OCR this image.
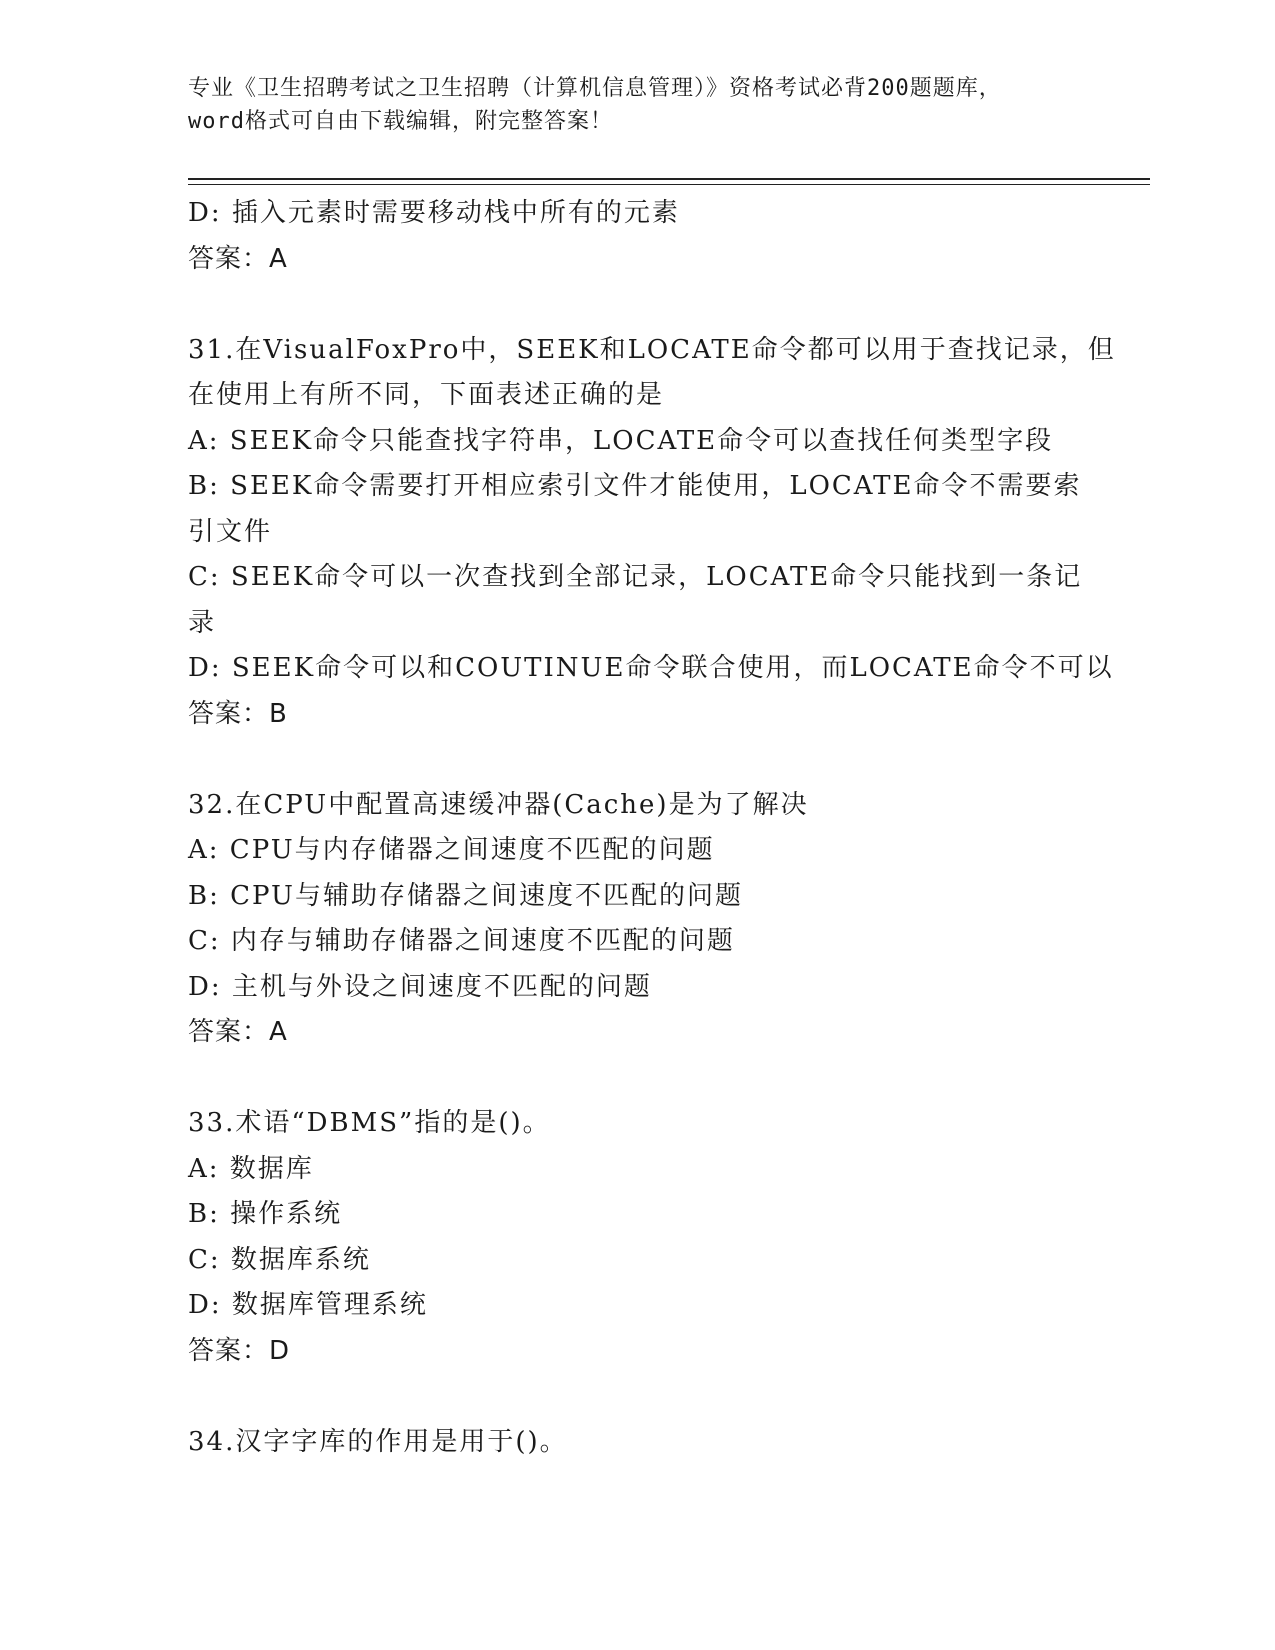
专业《卫生招聘考试之卫生招聘（计算机信息管理）》资格考试必背200题题库，
word格式可自由下载编辑，附完整答案！
D: 插入元素时需要移动栈中所有的元素
答案：A
31.在VisualFoxPro中，SEEK和LOCATE命令都可以用于查找记录，但
在使用上有所不同，下面表述正确的是
A: SEEK命令只能查找字符串，LOCATE命令可以查找任何类型字段
B: SEEK命令需要打开相应索引文件才能使用，LOCATE命令不需要索
引文件
C: SEEK命令可以一次查找到全部记录，LOCATE命令只能找到一条记
录
D: SEEK命令可以和COUTINUE命令联合使用，而LOCATE命令不可以
答案：B
32.在CPU中配置高速缓冲器(Cache)是为了解决
A: CPU与内存储器之间速度不匹配的问题
B: CPU与辅助存储器之间速度不匹配的问题
C: 内存与辅助存储器之间速度不匹配的问题
D: 主机与外设之间速度不匹配的问题
答案：A
33.术语“DBMS”指的是()。
A: 数据库
B: 操作系统
C: 数据库系统
D: 数据库管理系统
答案：D
34.汉字字库的作用是用于()。
